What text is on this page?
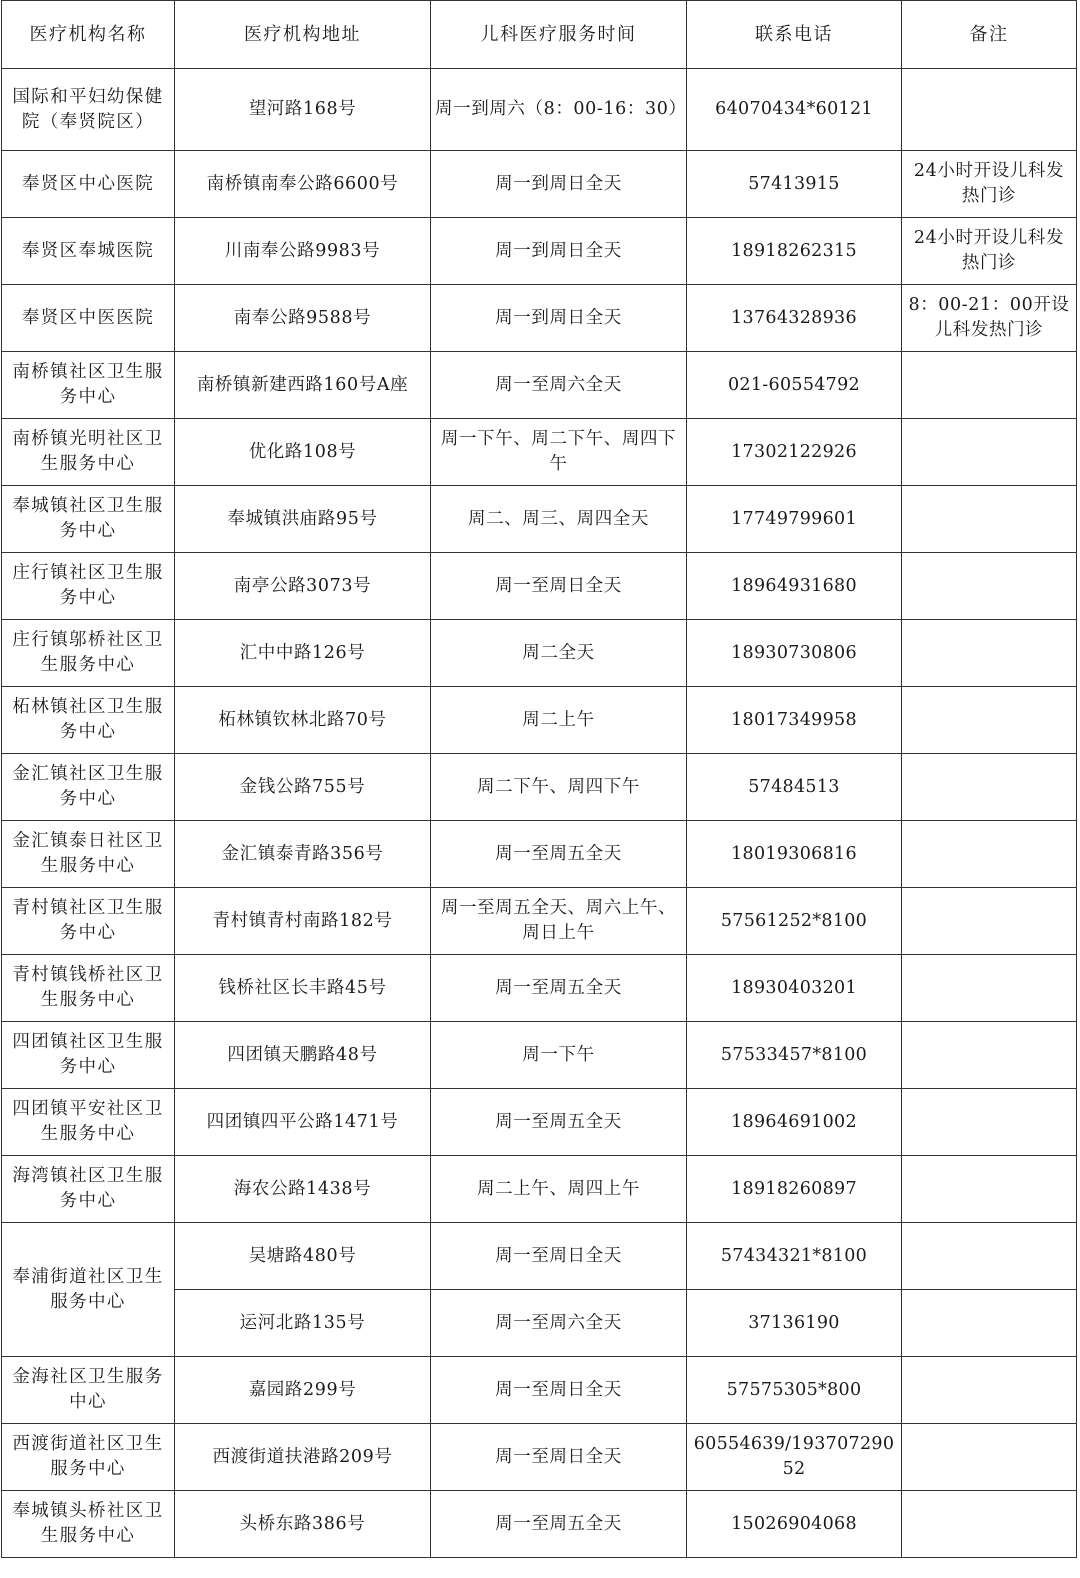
医疗机构名称	医疗机构地址	儿科医疗服务时间	联系电话	备注
国际和平妇幼保健院（奉贤院区）	望河路168号	周一到周六（8：00-16：30）	64070434*60121	
奉贤区中心医院	南桥镇南奉公路6600号	周一到周日全天	57413915	24小时开设儿科发热门诊
奉贤区奉城医院	川南奉公路9983号	周一到周日全天	18918262315	24小时开设儿科发热门诊
奉贤区中医医院	南奉公路9588号	周一到周日全天	13764328936	8：00-21：00开设儿科发热门诊
南桥镇社区卫生服务中心	南桥镇新建西路160号A座	周一至周六全天	021-60554792	
南桥镇光明社区卫生服务中心	优化路108号	周一下午、周二下午、周四下午	17302122926	
奉城镇社区卫生服务中心	奉城镇洪庙路95号	周二、周三、周四全天	17749799601	
庄行镇社区卫生服务中心	南亭公路3073号	周一至周日全天	18964931680	
庄行镇邬桥社区卫生服务中心	汇中中路126号	周二全天	18930730806	
柘林镇社区卫生服务中心	柘林镇钦林北路70号	周二上午	18017349958	
金汇镇社区卫生服务中心	金钱公路755号	周二下午、周四下午	57484513	
金汇镇泰日社区卫生服务中心	金汇镇泰青路356号	周一至周五全天	18019306816	
青村镇社区卫生服务中心	青村镇青村南路182号	周一至周五全天、周六上午、周日上午	57561252*8100	
青村镇钱桥社区卫生服务中心	钱桥社区长丰路45号	周一至周五全天	18930403201	
四团镇社区卫生服务中心	四团镇天鹏路48号	周一下午	57533457*8100	
四团镇平安社区卫生服务中心	四团镇四平公路1471号	周一至周五全天	18964691002	
海湾镇社区卫生服务中心	海农公路1438号	周二上午、周四上午	18918260897	
奉浦街道社区卫生服务中心	吴塘路480号	周一至周日全天	57434321*8100	
	运河北路135号	周一至周六全天	37136190	
金海社区卫生服务中心	嘉园路299号	周一至周日全天	57575305*800	
西渡街道社区卫生服务中心	西渡街道扶港路209号	周一至周日全天	60554639/19370729052	
奉城镇头桥社区卫生服务中心	头桥东路386号	周一至周五全天	15026904068	
